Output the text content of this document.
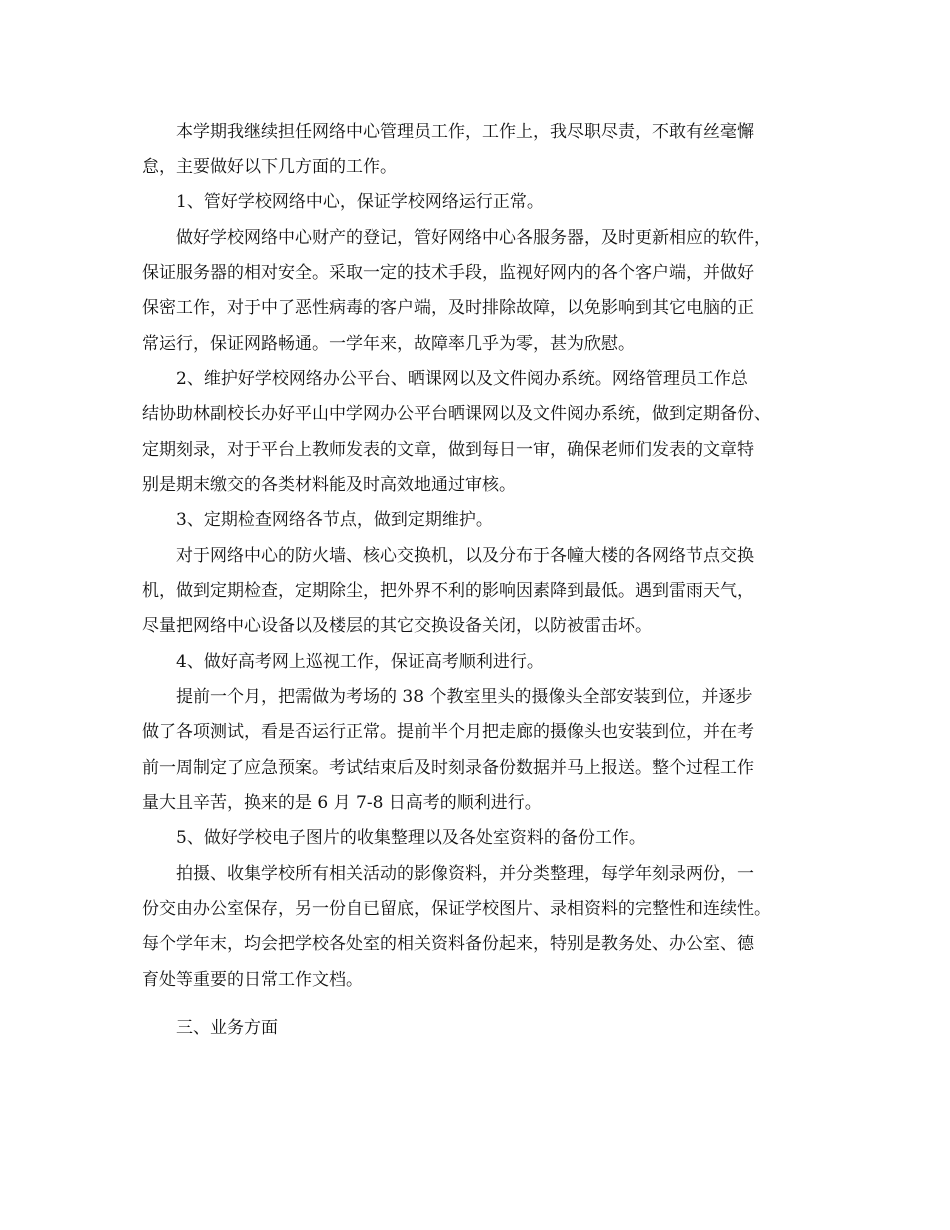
本学期我继续担任网络中心管理员工作，工作上，我尽职尽责，不敢有丝毫懈
怠，主要做好以下几方面的工作。
1、管好学校网络中心，保证学校网络运行正常。
做好学校网络中心财产的登记，管好网络中心各服务器，及时更新相应的软件，
保证服务器的相对安全。采取一定的技术手段，监视好网内的各个客户端，并做好
保密工作，对于中了恶性病毒的客户端，及时排除故障，以免影响到其它电脑的正
常运行，保证网路畅通。一学年来，故障率几乎为零，甚为欣慰。
2、维护好学校网络办公平台、晒课网以及文件阅办系统。网络管理员工作总
结协助林副校长办好平山中学网办公平台晒课网以及文件阅办系统，做到定期备份、
定期刻录，对于平台上教师发表的文章，做到每日一审，确保老师们发表的文章特
别是期末缴交的各类材料能及时高效地通过审核。
3、定期检查网络各节点，做到定期维护。
对于网络中心的防火墙、核心交换机，以及分布于各幢大楼的各网络节点交换
机，做到定期检查，定期除尘，把外界不利的影响因素降到最低。遇到雷雨天气，
尽量把网络中心设备以及楼层的其它交换设备关闭，以防被雷击坏。
4、做好高考网上巡视工作，保证高考顺利进行。
提前一个月，把需做为考场的 38 个教室里头的摄像头全部安装到位，并逐步
做了各项测试，看是否运行正常。提前半个月把走廊的摄像头也安装到位，并在考
前一周制定了应急预案。考试结束后及时刻录备份数据并马上报送。整个过程工作
量大且辛苦，换来的是 6 月 7-8 日高考的顺利进行。
5、做好学校电子图片的收集整理以及各处室资料的备份工作。
拍摄、收集学校所有相关活动的影像资料，并分类整理，每学年刻录两份，一
份交由办公室保存，另一份自已留底，保证学校图片、录相资料的完整性和连续性。
每个学年末，均会把学校各处室的相关资料备份起来，特别是教务处、办公室、德
育处等重要的日常工作文档。
三、业务方面
